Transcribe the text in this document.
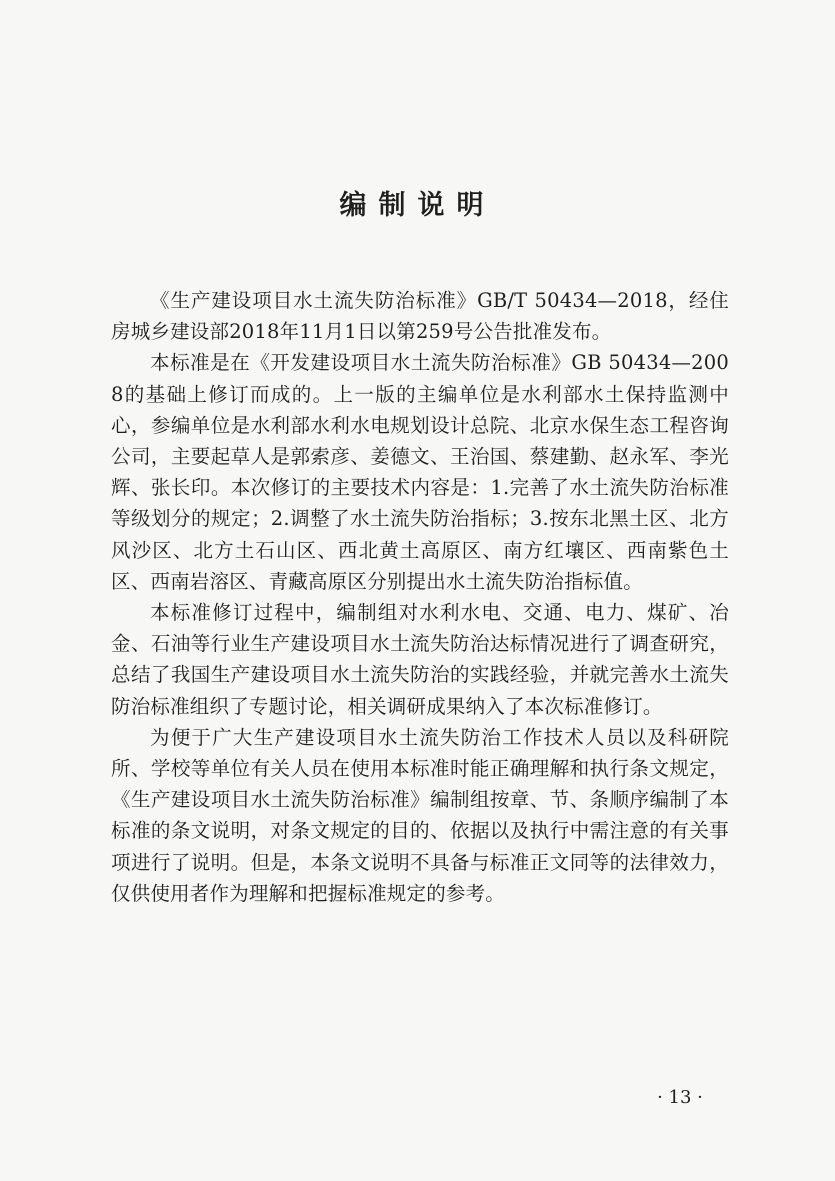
编制说明

《生产建设项目水土流失防治标准》GB/T 50434—2018，经住房城乡建设部2018年11月1日以第259号公告批准发布。

本标准是在《开发建设项目水土流失防治标准》GB 50434—2008的基础上修订而成的。上一版的主编单位是水利部水土保持监测中心，参编单位是水利部水利水电规划设计总院、北京水保生态工程咨询公司，主要起草人是郭索彦、姜德文、王治国、蔡建勤、赵永军、李光辉、张长印。本次修订的主要技术内容是：1.完善了水土流失防治标准等级划分的规定；2.调整了水土流失防治指标；3.按东北黑土区、北方风沙区、北方土石山区、西北黄土高原区、南方红壤区、西南紫色土区、西南岩溶区、青藏高原区分别提出水土流失防治指标值。

本标准修订过程中，编制组对水利水电、交通、电力、煤矿、冶金、石油等行业生产建设项目水土流失防治达标情况进行了调查研究，总结了我国生产建设项目水土流失防治的实践经验，并就完善水土流失防治标准组织了专题讨论，相关调研成果纳入了本次标准修订。

为便于广大生产建设项目水土流失防治工作技术人员以及科研院所、学校等单位有关人员在使用本标准时能正确理解和执行条文规定，《生产建设项目水土流失防治标准》编制组按章、节、条顺序编制了本标准的条文说明，对条文规定的目的、依据以及执行中需注意的有关事项进行了说明。但是，本条文说明不具备与标准正文同等的法律效力，仅供使用者作为理解和把握标准规定的参考。

· 13 ·
